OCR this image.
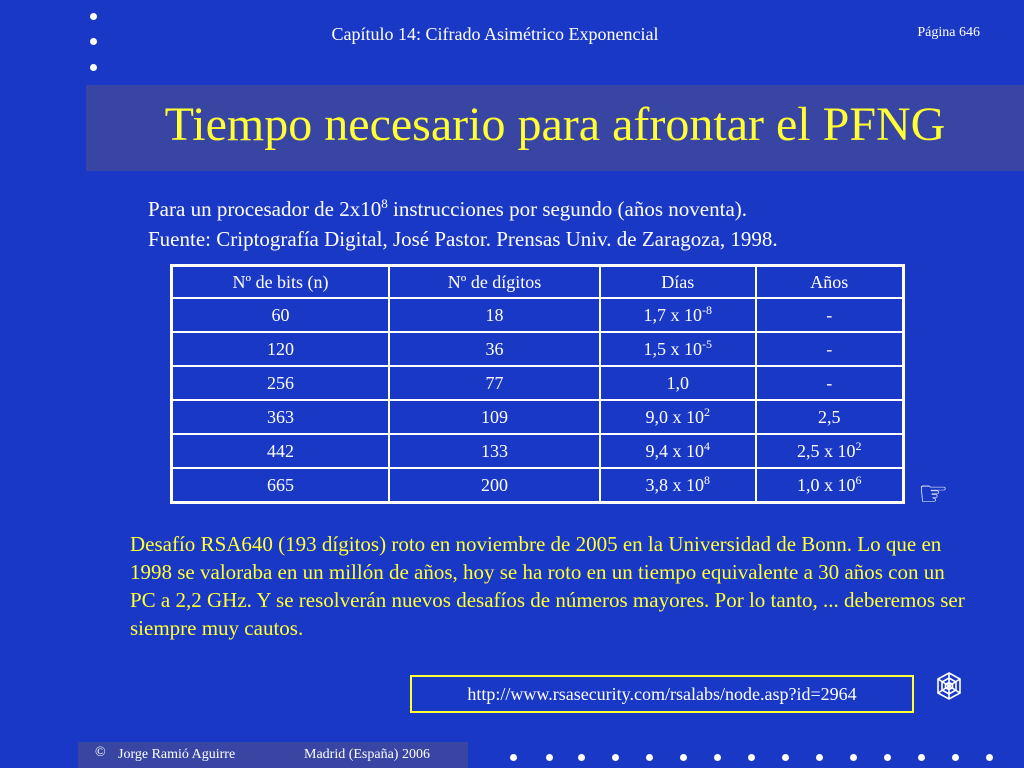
Capítulo 14: Cifrado Asimétrico Exponencial	Página 646
Tiempo necesario para afrontar el PFNG
Para un procesador de $2x10^8$ instrucciones por segundo (años noventa).
Fuente: Criptografía Digital, José Pastor. Prensas Univ. de Zaragoza, 1998.
Nº de bits (n)	Nº de dígitos	Días	Años
60	18	1,7 x $10^{-8}$	-
120	36	1,5 x $10^{-5}$	-
256	77	1,0	-
363	109	9,0 x $10^2$	2,5
442	133	9,4 x $10^4$	2,5 x $10^2$
665	200	3,8 x $10^8$	1,0 x $10^6$ ☞
Desafío RSA640 (193 dígitos) roto en noviembre de 2005 en la Universidad de Bonn. Lo que en 1998 se valoraba en un millón de años, hoy se ha roto en un tiempo equivalente a 30 años con un PC a 2,2 GHz. Y se resolverán nuevos desafíos de números mayores. Por lo tanto, ... deberemos ser siempre muy cautos.
http://www.rsasecurity.com/rsalabs/node.asp?id=2964
© Jorge Ramió Aguirre	Madrid (España) 2006
